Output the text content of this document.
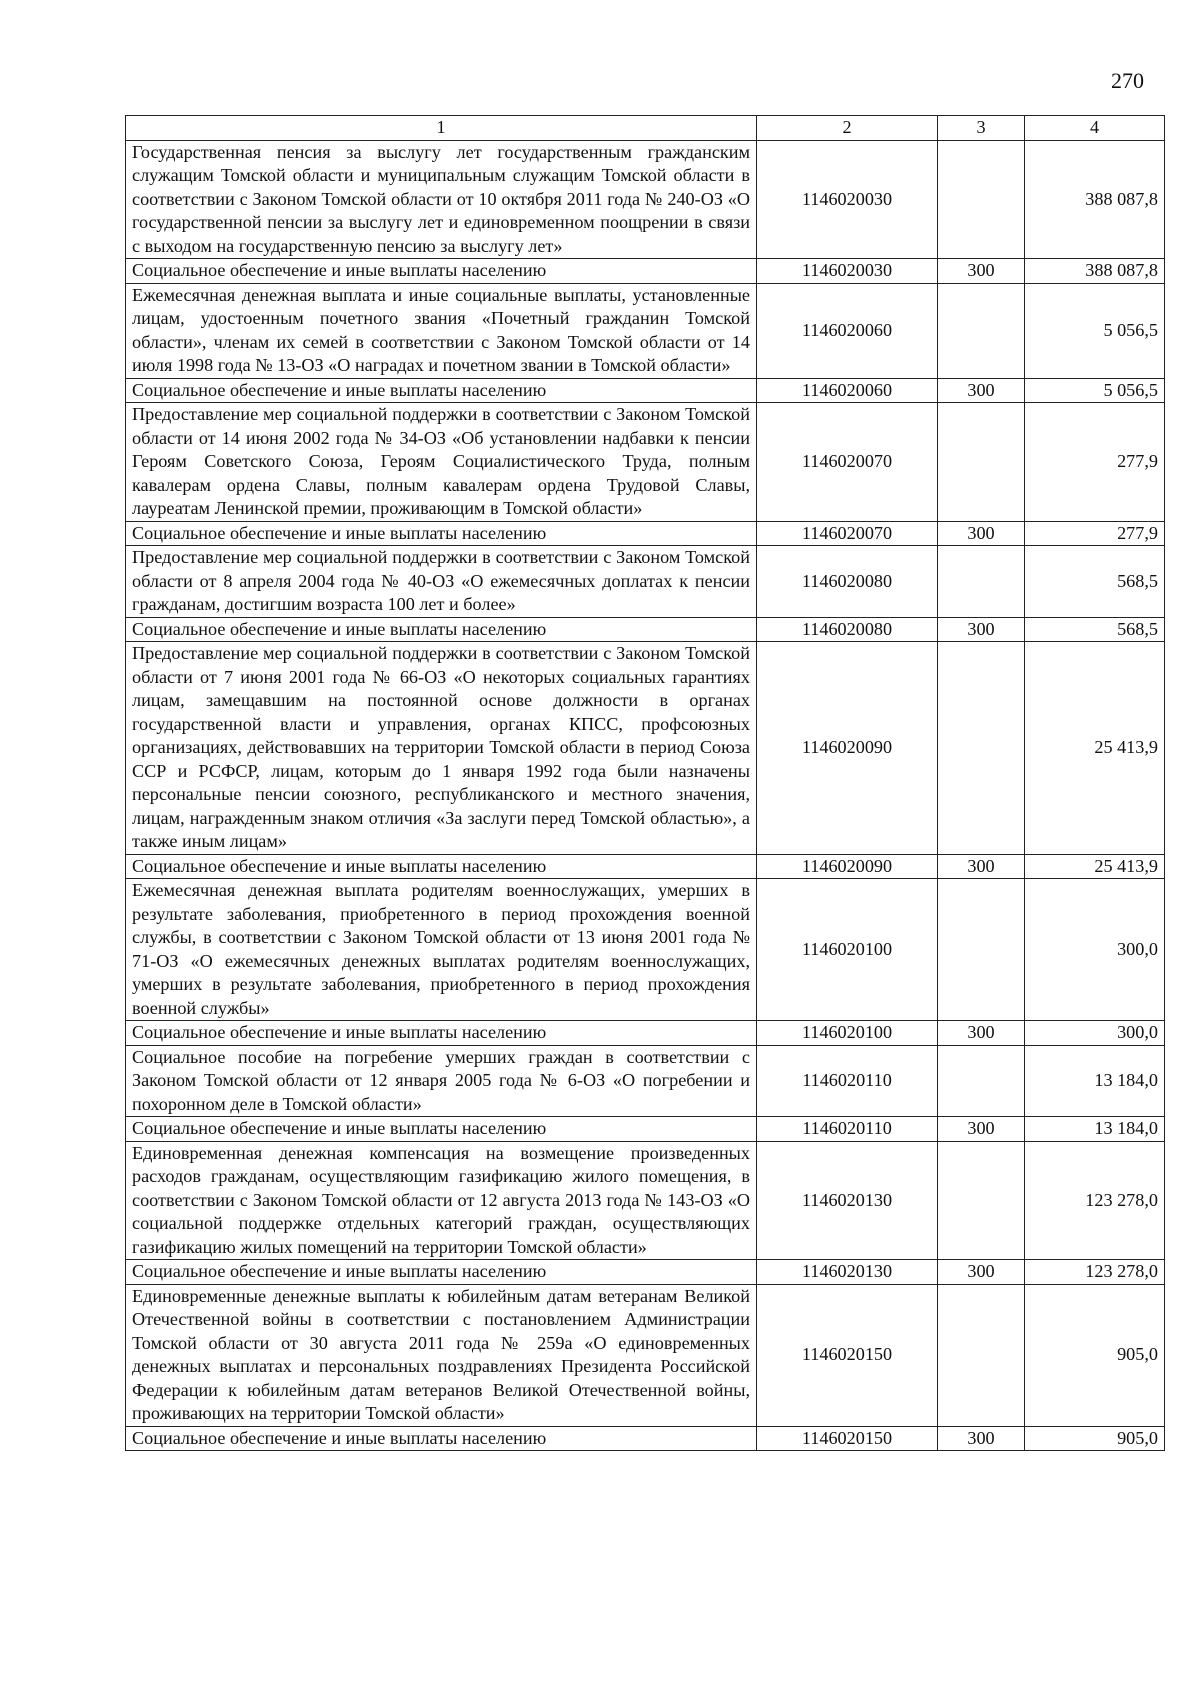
270
1	2	3	4
Государственная пенсия за выслугу лет государственным гражданским служащим Томской области и муниципальным служащим Томской области в соответствии с Законом Томской области от 10 октября 2011 года № 240-ОЗ «О государственной пенсии за выслугу лет и единовременном поощрении в связи с выходом на государственную пенсию за выслугу лет»	1146020030		388 087,8
Социальное обеспечение и иные выплаты населению	1146020030	300	388 087,8
Ежемесячная денежная выплата и иные социальные выплаты, установленные лицам, удостоенным почетного звания «Почетный гражданин Томской области», членам их семей в соответствии с Законом Томской области от 14 июля 1998 года № 13-ОЗ «О наградах и почетном звании в Томской области»	1146020060		5 056,5
Социальное обеспечение и иные выплаты населению	1146020060	300	5 056,5
Предоставление мер социальной поддержки в соответствии с Законом Томской области от 14 июня 2002 года № 34-ОЗ «Об установлении надбавки к пенсии Героям Советского Союза, Героям Социалистического Труда, полным кавалерам ордена Славы, полным кавалерам ордена Трудовой Славы, лауреатам Ленинской премии, проживающим в Томской области»	1146020070		277,9
Социальное обеспечение и иные выплаты населению	1146020070	300	277,9
Предоставление мер социальной поддержки в соответствии с Законом Томской области от 8 апреля 2004 года № 40-ОЗ «О ежемесячных доплатах к пенсии гражданам, достигшим возраста 100 лет и более»	1146020080		568,5
Социальное обеспечение и иные выплаты населению	1146020080	300	568,5
Предоставление мер социальной поддержки в соответствии с Законом Томской области от 7 июня 2001 года № 66-ОЗ «О некоторых социальных гарантиях лицам, замещавшим на постоянной основе должности в органах государственной власти и управления, органах КПСС, профсоюзных организациях, действовавших на территории Томской области в период Союза ССР и РСФСР, лицам, которым до 1 января 1992 года были назначены персональные пенсии союзного, республиканского и местного значения, лицам, награжденным знаком отличия «За заслуги перед Томской областью», а также иным лицам»	1146020090		25 413,9
Социальное обеспечение и иные выплаты населению	1146020090	300	25 413,9
Ежемесячная денежная выплата родителям военнослужащих, умерших в результате заболевания, приобретенного в период прохождения военной службы, в соответствии с Законом Томской области от 13 июня 2001 года № 71-ОЗ «О ежемесячных денежных выплатах родителям военнослужащих, умерших в результате заболевания, приобретенного в период прохождения военной службы»	1146020100		300,0
Социальное обеспечение и иные выплаты населению	1146020100	300	300,0
Социальное пособие на погребение умерших граждан в соответствии с Законом Томской области от 12 января 2005 года № 6-ОЗ «О погребении и похоронном деле в Томской области»	1146020110		13 184,0
Социальное обеспечение и иные выплаты населению	1146020110	300	13 184,0
Единовременная денежная компенсация на возмещение произведенных расходов гражданам, осуществляющим газификацию жилого помещения, в соответствии с Законом Томской области от 12 августа 2013 года № 143-ОЗ «О социальной поддержке отдельных категорий граждан, осуществляющих газификацию жилых помещений на территории Томской области»	1146020130		123 278,0
Социальное обеспечение и иные выплаты населению	1146020130	300	123 278,0
Единовременные денежные выплаты к юбилейным датам ветеранам Великой Отечественной войны в соответствии с постановлением Администрации Томской области от 30 августа 2011 года № 259а «О единовременных денежных выплатах и персональных поздравлениях Президента Российской Федерации к юбилейным датам ветеранов Великой Отечественной войны, проживающих на территории Томской области»	1146020150		905,0
Социальное обеспечение и иные выплаты населению	1146020150	300	905,0
